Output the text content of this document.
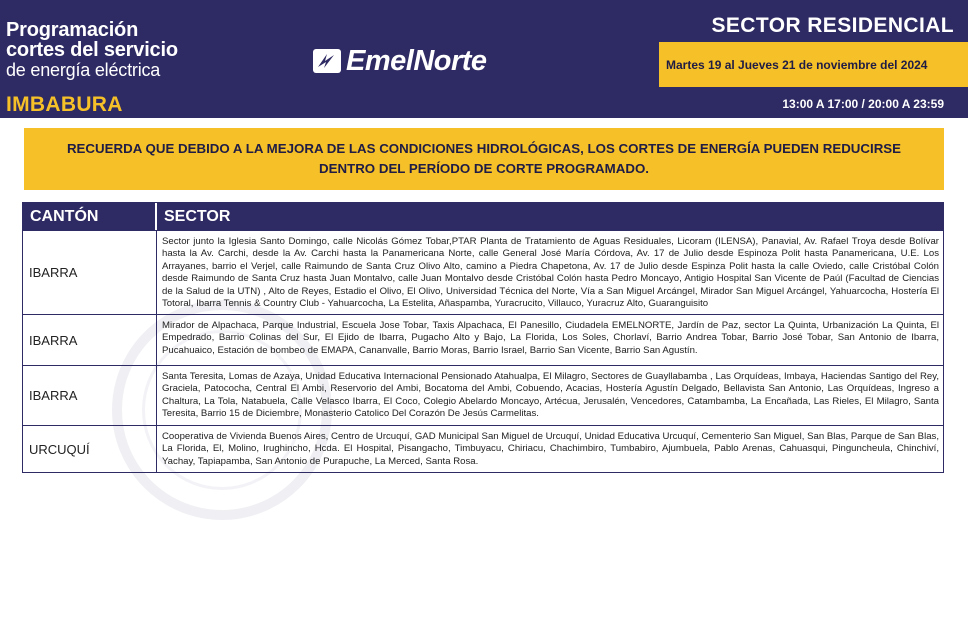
Programación
cortes del servicio
de energía eléctrica
IMBABURA
EmelNorte
SECTOR RESIDENCIAL
Martes 19 al Jueves 21 de noviembre del 2024
13:00 A 17:00 / 20:00 A 23:59
RECUERDA QUE DEBIDO A LA MEJORA DE LAS CONDICIONES HIDROLÓGICAS, LOS CORTES DE ENERGÍA PUEDEN REDUCIRSE DENTRO DEL PERÍODO DE CORTE PROGRAMADO.
CANTÓN	SECTOR
IBARRA
Sector junto la Iglesia Santo Domingo, calle Nicolás Gómez Tobar,PTAR Planta de Tratamiento de Aguas Residuales, Licoram (ILENSA), Panavial, Av. Rafael Troya desde Bolívar hasta la Av. Carchi, desde la Av. Carchi hasta la Panamericana Norte, calle General José María Córdova, Av. 17 de Julio desde Espinoza Polit hasta Panamericana, U.E. Los Arrayanes, barrio el Verjel, calle Raimundo de Santa Cruz Olivo Alto, camino a Piedra Chapetona, Av. 17 de Julio desde Espinza Polit hasta la calle Oviedo, calle Cristóbal Colón desde Raimundo de Santa Cruz hasta Juan Montalvo, calle Juan Montalvo desde Cristóbal Colón hasta Pedro Moncayo, Antigio Hospital San Vicente de Paúl (Facultad de Ciencias de la Salud de la UTN) , Alto de Reyes, Estadio el Olivo, El Olivo, Universidad Técnica del Norte, Vía a San Miguel Arcángel, Mirador San Miguel Arcángel, Yahuarcocha, Hostería El Totoral, Ibarra Tennis & Country Club - Yahuarcocha, La Estelita, Añaspamba, Yuracrucito, Villauco, Yuracruz Alto, Guaranguisito
IBARRA
Mirador de Alpachaca, Parque Industrial, Escuela Jose Tobar, Taxis Alpachaca, El Panesillo, Ciudadela EMELNORTE, Jardín de Paz, sector La Quinta, Urbanización La Quinta, El Empedrado, Barrio Colinas del Sur, El Ejido de Ibarra, Pugacho Alto y Bajo, La Florida, Los Soles, Chorlaví, Barrio Andrea Tobar, Barrio José Tobar, San Antonio de Ibarra, Pucahuaico, Estación de bombeo de EMAPA, Cananvalle, Barrio Moras, Barrio Israel, Barrio San Vicente, Barrio San Agustín.
IBARRA
Santa Teresita, Lomas de Azaya, Unidad Educativa Internacional Pensionado Atahualpa, El Milagro, Sectores de Guayllabamba , Las Orquídeas, Imbaya, Haciendas Santigo del Rey, Graciela, Patococha, Central El Ambi, Reservorio del Ambi, Bocatoma del Ambi, Cobuendo, Acacias, Hostería Agustín Delgado, Bellavista San Antonio, Las Orquídeas, Ingreso a Chaltura, La Tola, Natabuela, Calle Velasco Ibarra, El Coco, Colegio Abelardo Moncayo, Artécua, Jerusalén, Vencedores, Catambamba, La Encañada, Las Rieles, El Milagro, Santa Teresita, Barrio 15 de Diciembre, Monasterio Catolico Del Corazón De Jesús Carmelitas.
URCUQUÍ
Cooperativa de Vivienda Buenos Aires, Centro de Urcuquí, GAD Municipal San Miguel de Urcuquí, Unidad Educativa Urcuquí, Cementerio San Miguel, San Blas, Parque de San Blas, La Florida, El, Molino, Irughincho, Hcda. El Hospital, Pisangacho, Timbuyacu, Chiriacu, Chachimbiro, Tumbabiro, Ajumbuela, Pablo Arenas, Cahuasqui, Pinguncheula, Chinchiví, Yachay, Tapiapamba, San Antonio de Purapuche, La Merced, Santa Rosa.
